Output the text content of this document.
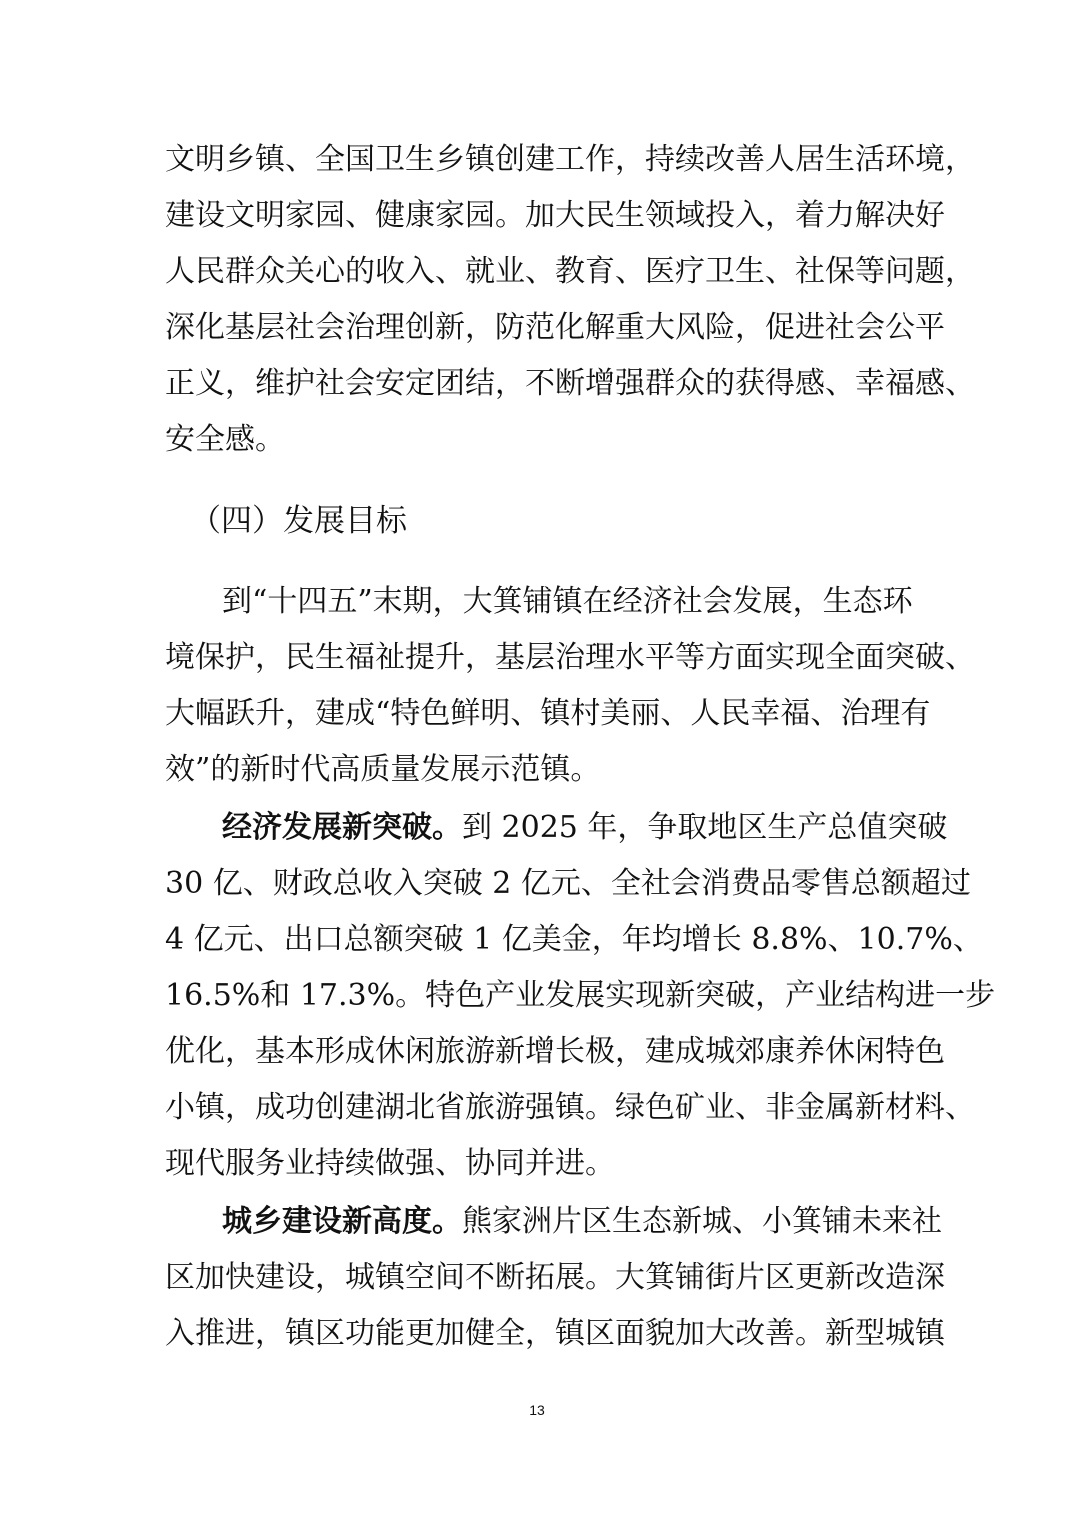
文明乡镇、全国卫生乡镇创建工作，持续改善人居生活环境，
建设文明家园、健康家园。加大民生领域投入，着力解决好
人民群众关心的收入、就业、教育、医疗卫生、社保等问题，
深化基层社会治理创新，防范化解重大风险，促进社会公平
正义，维护社会安定团结，不断增强群众的获得感、幸福感、
安全感。
（四）发展目标
到“十四五”末期，大箕铺镇在经济社会发展，生态环
境保护，民生福祉提升，基层治理水平等方面实现全面突破、
大幅跃升，建成“特色鲜明、镇村美丽、人民幸福、治理有
效”的新时代高质量发展示范镇。
经济发展新突破。到 2025 年，争取地区生产总值突破
30 亿、财政总收入突破 2 亿元、全社会消费品零售总额超过
4 亿元、出口总额突破 1 亿美金，年均增长 8.8%、10.7%、
16.5%和 17.3%。特色产业发展实现新突破，产业结构进一步
优化，基本形成休闲旅游新增长极，建成城郊康养休闲特色
小镇，成功创建湖北省旅游强镇。绿色矿业、非金属新材料、
现代服务业持续做强、协同并进。
城乡建设新高度。熊家洲片区生态新城、小箕铺未来社
区加快建设，城镇空间不断拓展。大箕铺街片区更新改造深
入推进，镇区功能更加健全，镇区面貌加大改善。新型城镇
13
